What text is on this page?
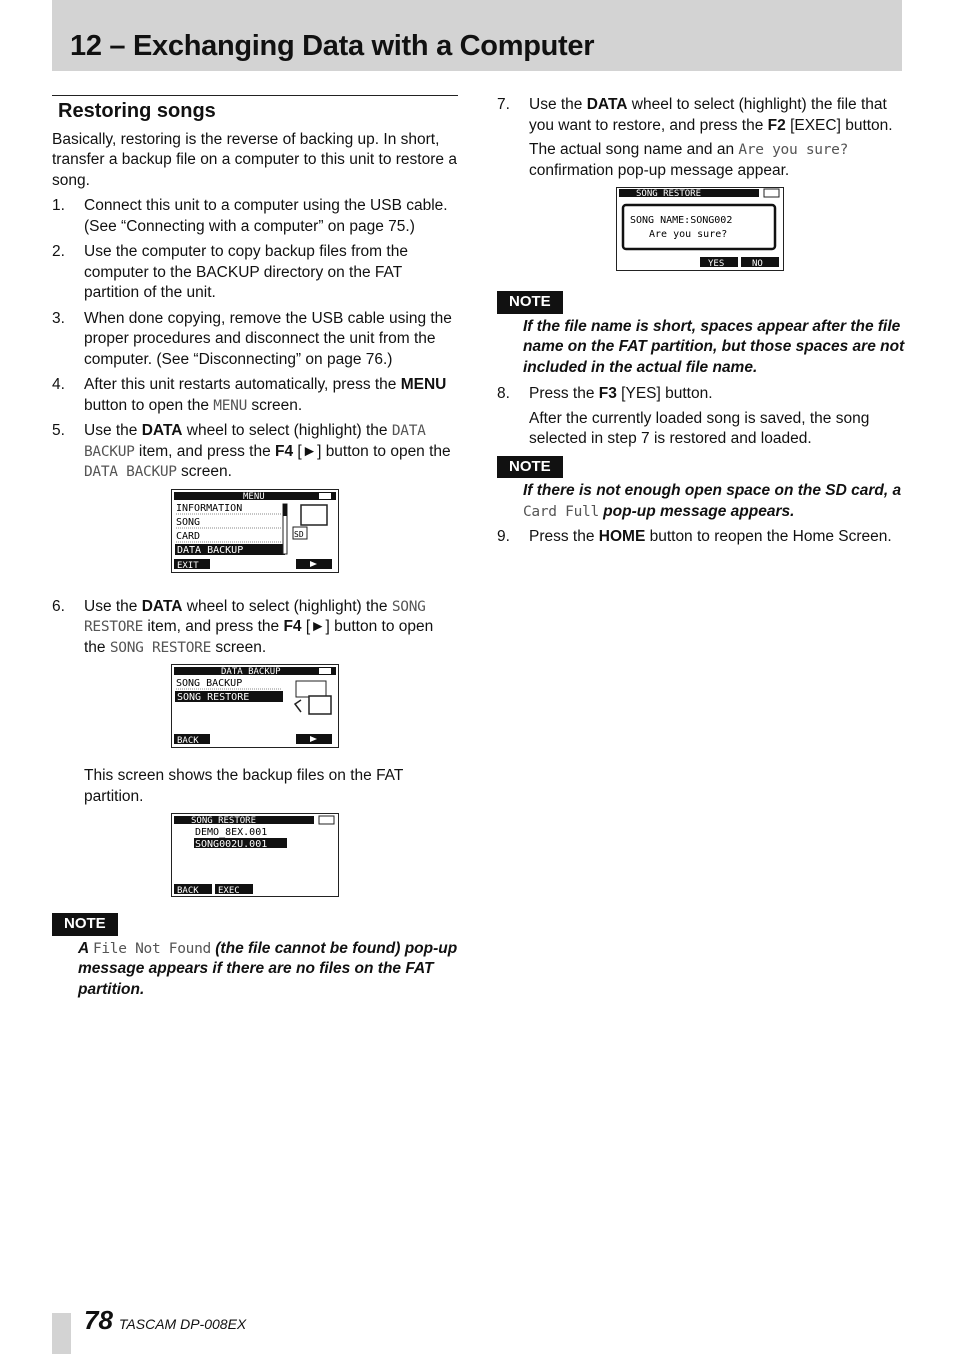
12 – Exchanging Data with a Computer
Restoring songs

Basically, restoring is the reverse of backing up. In short, transfer a backup file on a computer to this unit to restore a song.

1.	Connect this unit to a computer using the USB cable. (See “Connecting with a computer” on page 75.)
2.	Use the computer to copy backup files from the computer to the BACKUP directory on the FAT partition of the unit.
3.	When done copying, remove the USB cable using the proper procedures and disconnect the unit from the computer. (See “Disconnecting” on page 76.)
4.	After this unit restarts automatically, press the MENU button to open the MENU screen.
5.	Use the DATA wheel to select (highlight) the DATA BACKUP item, and press the F4 [►] button to open the DATA BACKUP screen.
MENU
INFORMATION
SONG
CARD
DATA BACKUP
SD
EXIT
6.	Use the DATA wheel to select (highlight) the SONG RESTORE item, and press the F4 [►] button to open the SONG RESTORE screen.
DATA BACKUP
SONG BACKUP
SONG RESTORE
BACK

This screen shows the backup files on the FAT partition.

SONG RESTORE
DEMO_8EX.001
SONG002U.001
BACK EXEC
NOTE

A File Not Found (the file cannot be found) pop-up message appears if there are no files on the FAT partition.

7.	Use the DATA wheel to select (highlight) the file that you want to restore, and press the F2 [EXEC] button.

The actual song name and an Are you sure? confirmation pop-up message appear.

SONG RESTORE
SONG NAME:SONG002
Are you sure?
YES	NO
NOTE

If the file name is short, spaces appear after the file name on the FAT partition, but those spaces are not included in the actual file name.

8.	Press the F3 [YES] button.

After the currently loaded song is saved, the song selected in step 7 is restored and loaded.

NOTE

If there is not enough open space on the SD card, a Card Full pop-up message appears.

9.	Press the HOME button to reopen the Home Screen.
78 TASCAM DP-008EX
